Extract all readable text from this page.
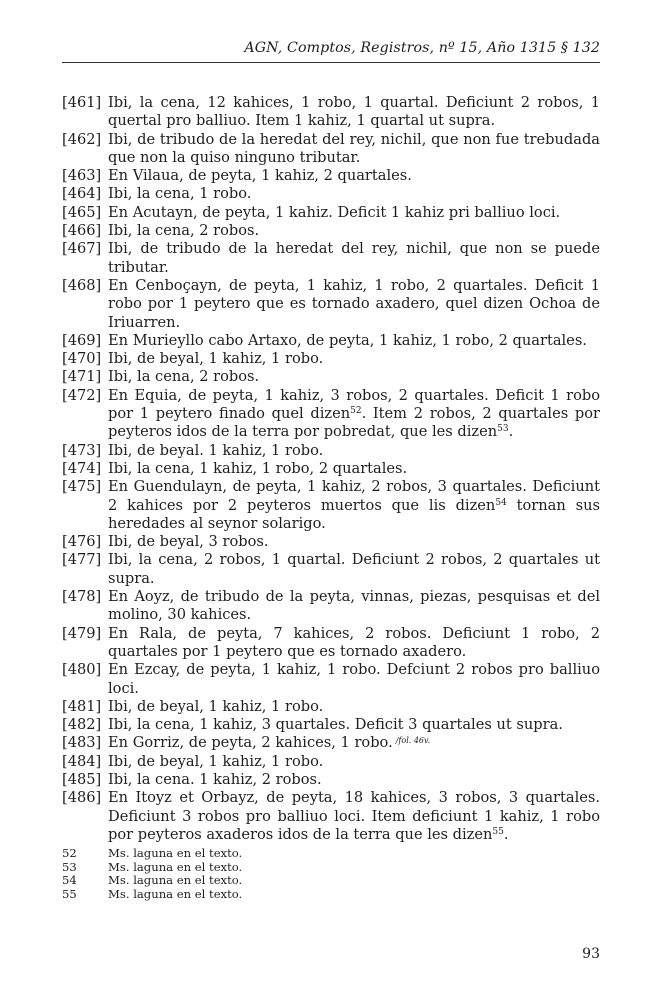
AGN, Comptos, Registros, nº 15, Año 1315 § 132
[461] Ibi, la cena, 12 kahices, 1 robo, 1 quartal. Deficiunt 2 robos, 1 quertal pro balliuo. Item 1 kahiz, 1 quartal ut supra.
[462] Ibi, de tribudo de la heredat del rey, nichil, que non fue trebudada que non la quiso ninguno tributar.
[463] En Vilaua, de peyta, 1 kahiz, 2 quartales.
[464] Ibi, la cena, 1 robo.
[465] En Acutayn, de peyta, 1 kahiz. Deficit 1 kahiz pri balliuo loci.
[466] Ibi, la cena, 2 robos.
[467] Ibi, de tribudo de la heredat del rey, nichil, que non se puede tributar.
[468] En Cenboçayn, de peyta, 1 kahiz, 1 robo, 2 quartales. Deficit 1 robo por 1 peytero que es tornado axadero, quel dizen Ochoa de Iriuarren.
[469] En Murieyllo cabo Artaxo, de peyta, 1 kahiz, 1 robo, 2 quartales.
[470] Ibi, de beyal, 1 kahiz, 1 robo.
[471] Ibi, la cena, 2 robos.
[472] En Equia, de peyta, 1 kahiz, 3 robos, 2 quartales. Deficit 1 robo por 1 peytero finado quel dizen$^{52}$. Item 2 robos, 2 quartales por peyteros idos de la terra por pobredat, que les dizen$^{53}$.
[473] Ibi, de beyal. 1 kahiz, 1 robo.
[474] Ibi, la cena, 1 kahiz, 1 robo, 2 quartales.
[475] En Guendulayn, de peyta, 1 kahiz, 2 robos, 3 quartales. Deficiunt 2 kahices por 2 peyteros muertos que lis dizen$^{54}$ tornan sus heredades al seynor solarigo.
[476] Ibi, de beyal, 3 robos.
[477] Ibi, la cena, 2 robos, 1 quartal. Deficiunt 2 robos, 2 quartales ut supra.
[478] En Aoyz, de tribudo de la peyta, vinnas, piezas, pesquisas et del molino, 30 kahices.
[479] En Rala, de peyta, 7 kahices, 2 robos. Deficiunt 1 robo, 2 quartales por 1 peytero que es tornado axadero.
[480] En Ezcay, de peyta, 1 kahiz, 1 robo. Defciunt 2 robos pro balliuo loci.
[481] Ibi, de beyal, 1 kahiz, 1 robo.
[482] Ibi, la cena, 1 kahiz, 3 quartales. Deficit 3 quartales ut supra.
[483] En Gorriz, de peyta, 2 kahices, 1 robo. $^{/fol. 46v.}$
[484] Ibi, de beyal, 1 kahiz, 1 robo.
[485] Ibi, la cena. 1 kahiz, 2 robos.
[486] En Itoyz et Orbayz, de peyta, 18 kahices, 3 robos, 3 quartales. Deficiunt 3 robos pro balliuo loci. Item deficiunt 1 kahiz, 1 robo por peyteros axaderos idos de la terra que les dizen$^{55}$.
52	Ms. laguna en el texto.
53	Ms. laguna en el texto.
54	Ms. laguna en el texto.
55	Ms. laguna en el texto.
93
